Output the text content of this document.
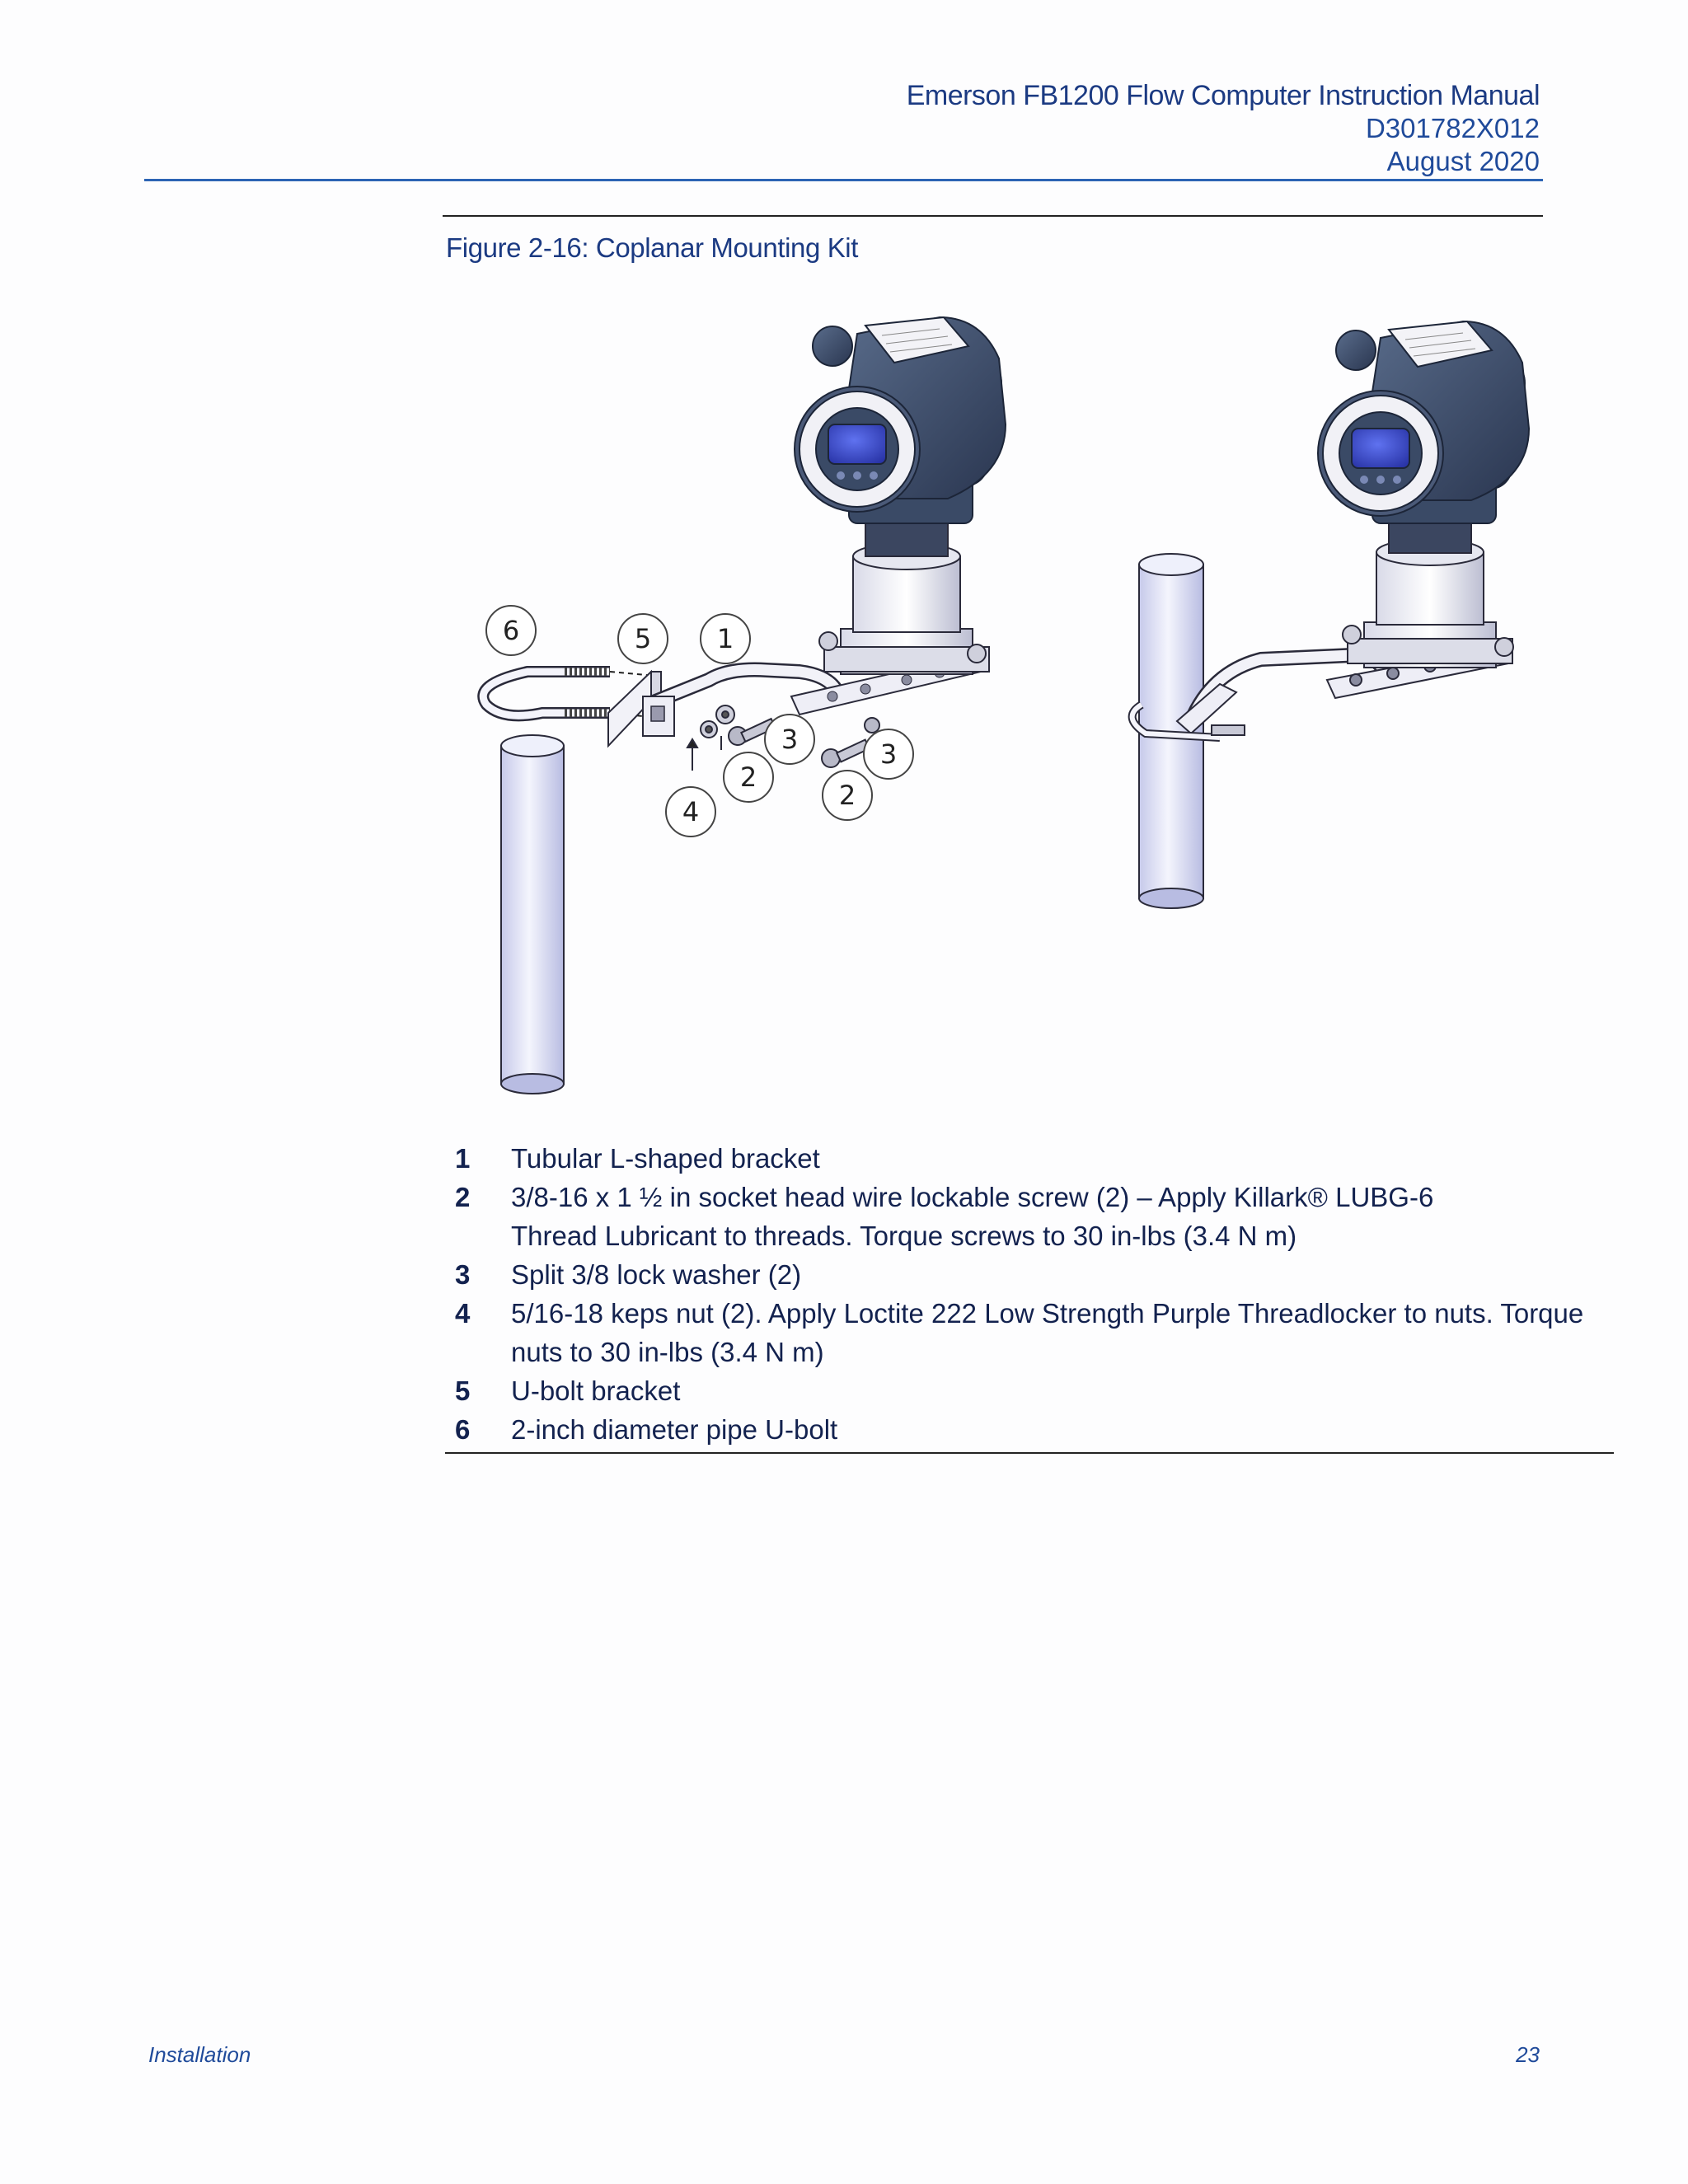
Emerson FB1200 Flow Computer Instruction Manual
D301782X012
August 2020
Figure 2-16: Coplanar Mounting Kit
6	5 1
3	3
2
2
4
1	Tubular L-shaped bracket
2	3/8-16 x 1 ½ in socket head wire lockable screw (2) – Apply Killark® LUBG-6 Thread Lubricant to threads. Torque screws to 30 in-lbs (3.4 N m)
3	Split 3/8 lock washer (2)
4	5/16-18 keps nut (2). Apply Loctite 222 Low Strength Purple Threadlocker to nuts. Torque nuts to 30 in-lbs (3.4 N m)
5	U-bolt bracket
6	2-inch diameter pipe U-bolt
Installation	23
